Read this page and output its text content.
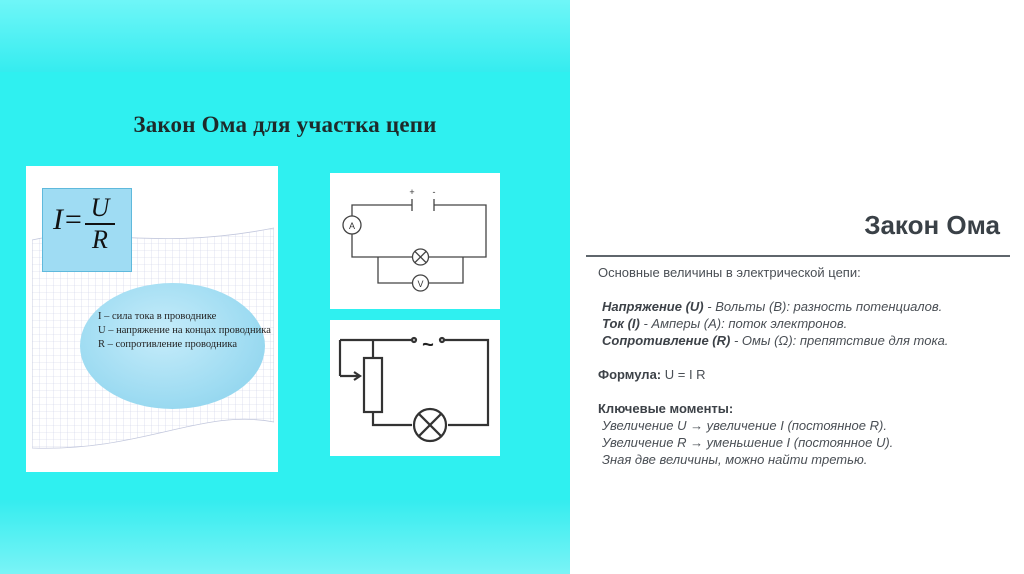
Закон Ома для участка цепи
I= U
R
I – сила тока в проводнике
U – напряжение на концах проводника
R – сопротивление проводника
+ -
A
V
~
Закон Ома
Основные величины в электрической цепи:
Напряжение (U) - Вольты (В): разность потенциалов.
Ток (I) - Амперы (А): поток электронов.
Сопротивление (R) - Омы (Ω): препятствие для тока.
Формула: U = I R
Ключевые моменты:
Увеличение U → увеличение I (постоянное R).
Увеличение R → уменьшение I (постоянное U).
Зная две величины, можно найти третью.
